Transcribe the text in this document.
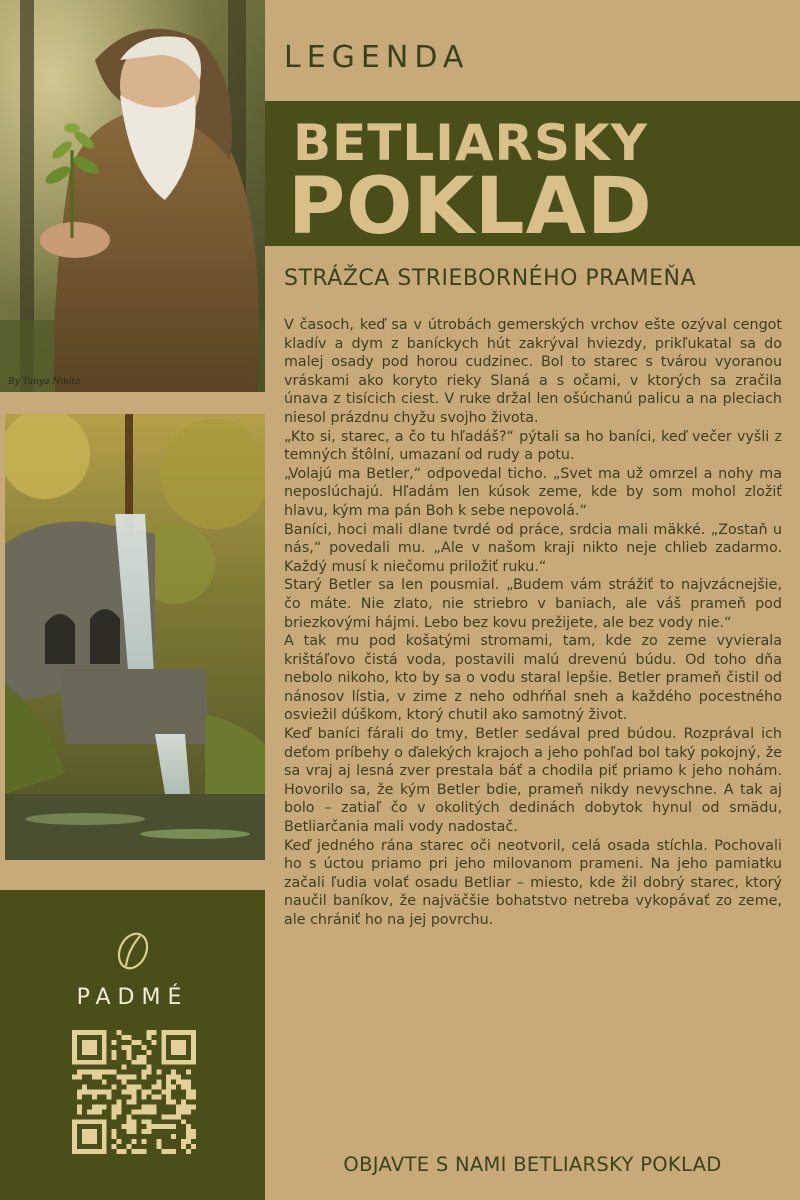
By Tanya Nikita
PADMÉ
LEGENDA
BETLIARSKY
POKLAD
STRÁŽCA STRIEBORNÉHO PRAMEŇA

V časoch, keď sa v útrobách gemerských vrchov ešte ozýval cengot kladív a dym z baníckych hút zakrýval hviezdy, prikľukatal sa do malej osady pod horou cudzinec. Bol to starec s tvárou vyoranou vráskami ako koryto rieky Slaná a s očami, v ktorých sa zračila únava z tisícich ciest. V ruke držal len ošúchanú palicu a na pleciach niesol prázdnu chyžu svojho života.

„Kto si, starec, a čo tu hľadáš?“ pýtali sa ho baníci, keď večer vyšli z temných štôlní, umazaní od rudy a potu.

„Volajú ma Betler,“ odpovedal ticho. „Svet ma už omrzel a nohy ma neposlúchajú. Hľadám len kúsok zeme, kde by som mohol zložiť hlavu, kým ma pán Boh k sebe nepovolá.“

Baníci, hoci mali dlane tvrdé od práce, srdcia mali mäkké. „Zostaň u nás,“ povedali mu. „Ale v našom kraji nikto neje chlieb zadarmo. Každý musí k niečomu priložiť ruku.“

Starý Betler sa len pousmial. „Budem vám strážiť to najvzácnejšie, čo máte. Nie zlato, nie striebro v baniach, ale váš prameň pod briezkovými hájmi. Lebo bez kovu prežijete, ale bez vody nie.“

A tak mu pod košatými stromami, tam, kde zo zeme vyvierala krištáľovo čistá voda, postavili malú drevenú búdu. Od toho dňa nebolo nikoho, kto by sa o vodu staral lepšie. Betler prameň čistil od nánosov lístia, v zime z neho odhŕňal sneh a každého pocestného osviežil dúškom, ktorý chutil ako samotný život.

Keď baníci fárali do tmy, Betler sedával pred búdou. Rozprával ich deťom príbehy o ďalekých krajoch a jeho pohľad bol taký pokojný, že sa vraj aj lesná zver prestala báť a chodila piť priamo k jeho nohám. Hovorilo sa, že kým Betler bdie, prameň nikdy nevyschne. A tak aj bolo – zatiaľ čo v okolitých dedinách dobytok hynul od smädu, Betliarčania mali vody nadostač.

Keď jedného rána starec oči neotvoril, celá osada stíchla. Pochovali ho s úctou priamo pri jeho milovanom prameni. Na jeho pamiatku začali ľudia volať osadu Betliar – miesto, kde žil dobrý starec, ktorý naučil baníkov, že najväčšie bohatstvo netreba vykopávať zo zeme, ale chrániť ho na jej povrchu.

OBJAVTE S NAMI BETLIARSKY POKLAD
